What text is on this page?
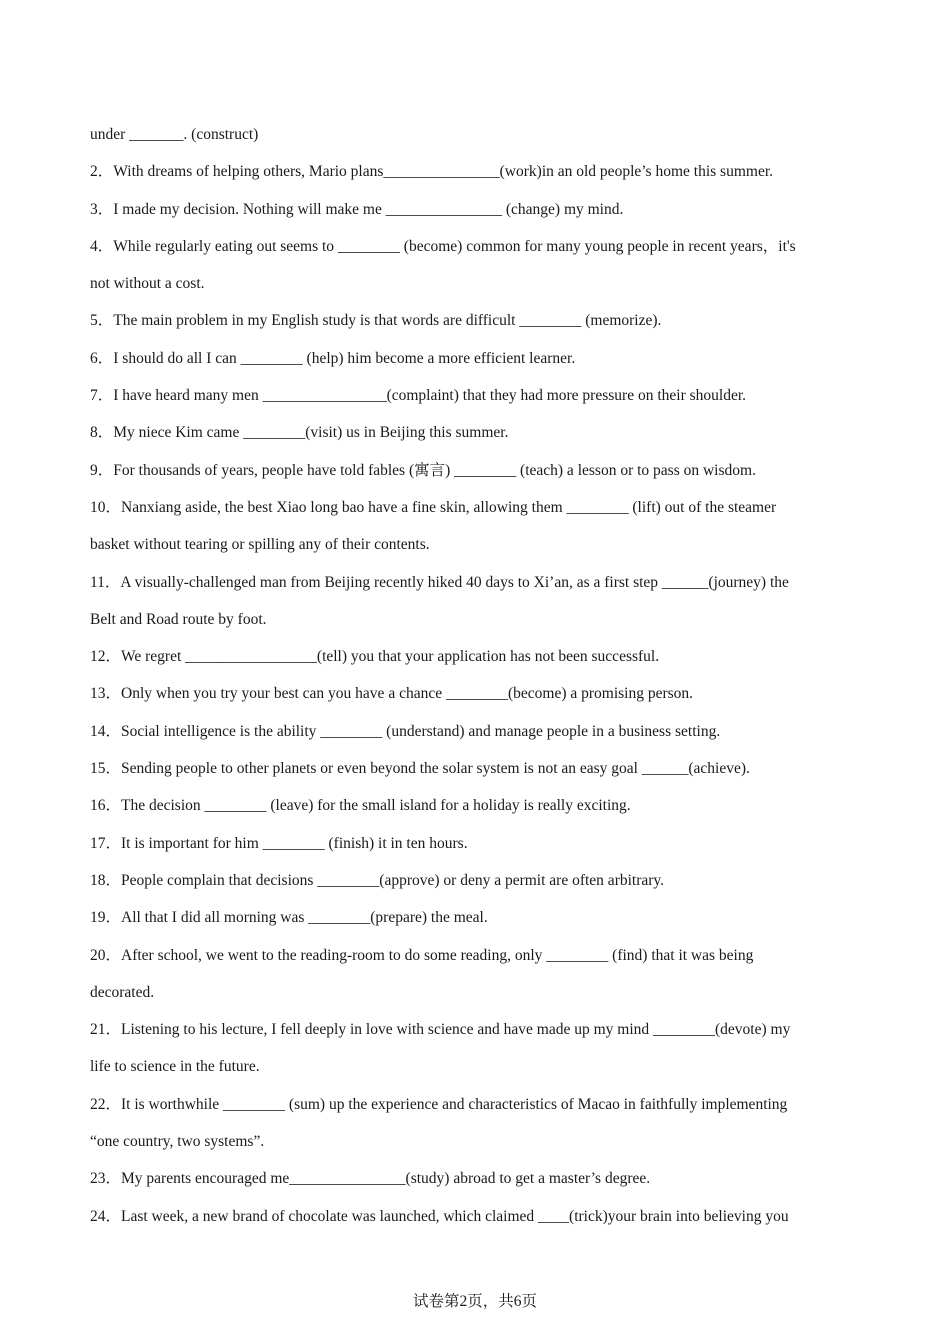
under _______. (construct)
2．With dreams of helping others, Mario plans_______________(work)in an old people’s home this summer.
3．I made my decision. Nothing will make me _______________ (change) my mind.
4．While regularly eating out seems to ________ (become) common for many young people in recent years，it's
not without a cost.
5．The main problem in my English study is that words are difficult ________ (memorize).
6．I should do all I can ________ (help) him become a more efficient learner.
7．I have heard many men ________________(complaint) that they had more pressure on their shoulder.
8．My niece Kim came ________(visit) us in Beijing this summer.
9．For thousands of years, people have told fables (寓言) ________ (teach) a lesson or to pass on wisdom.
10．Nanxiang aside, the best Xiao long bao have a fine skin, allowing them ________ (lift) out of the steamer
basket without tearing or spilling any of their contents.
11．A visually-challenged man from Beijing recently hiked 40 days to Xi’an, as a first step ______(journey) the
Belt and Road route by foot.
12．We regret _________________(tell) you that your application has not been successful.
13．Only when you try your best can you have a chance ________(become) a promising person.
14．Social intelligence is the ability ________ (understand) and manage people in a business setting.
15．Sending people to other planets or even beyond the solar system is not an easy goal ______(achieve).
16．The decision ________ (leave) for the small island for a holiday is really exciting.
17．It is important for him ________ (finish) it in ten hours.
18．People complain that decisions ________(approve) or deny a permit are often arbitrary.
19．All that I did all morning was ________(prepare) the meal.
20．After school, we went to the reading-room to do some reading, only ________ (find) that it was being
decorated.
21．Listening to his lecture, I fell deeply in love with science and have made up my mind ________(devote) my
life to science in the future.
22．It is worthwhile ________ (sum) up the experience and characteristics of Macao in faithfully implementing
“one country, two systems”.
23．My parents encouraged me_______________(study) abroad to get a master’s degree.
24．Last week, a new brand of chocolate was launched, which claimed ____(trick)your brain into believing you
试卷第2页，共6页
